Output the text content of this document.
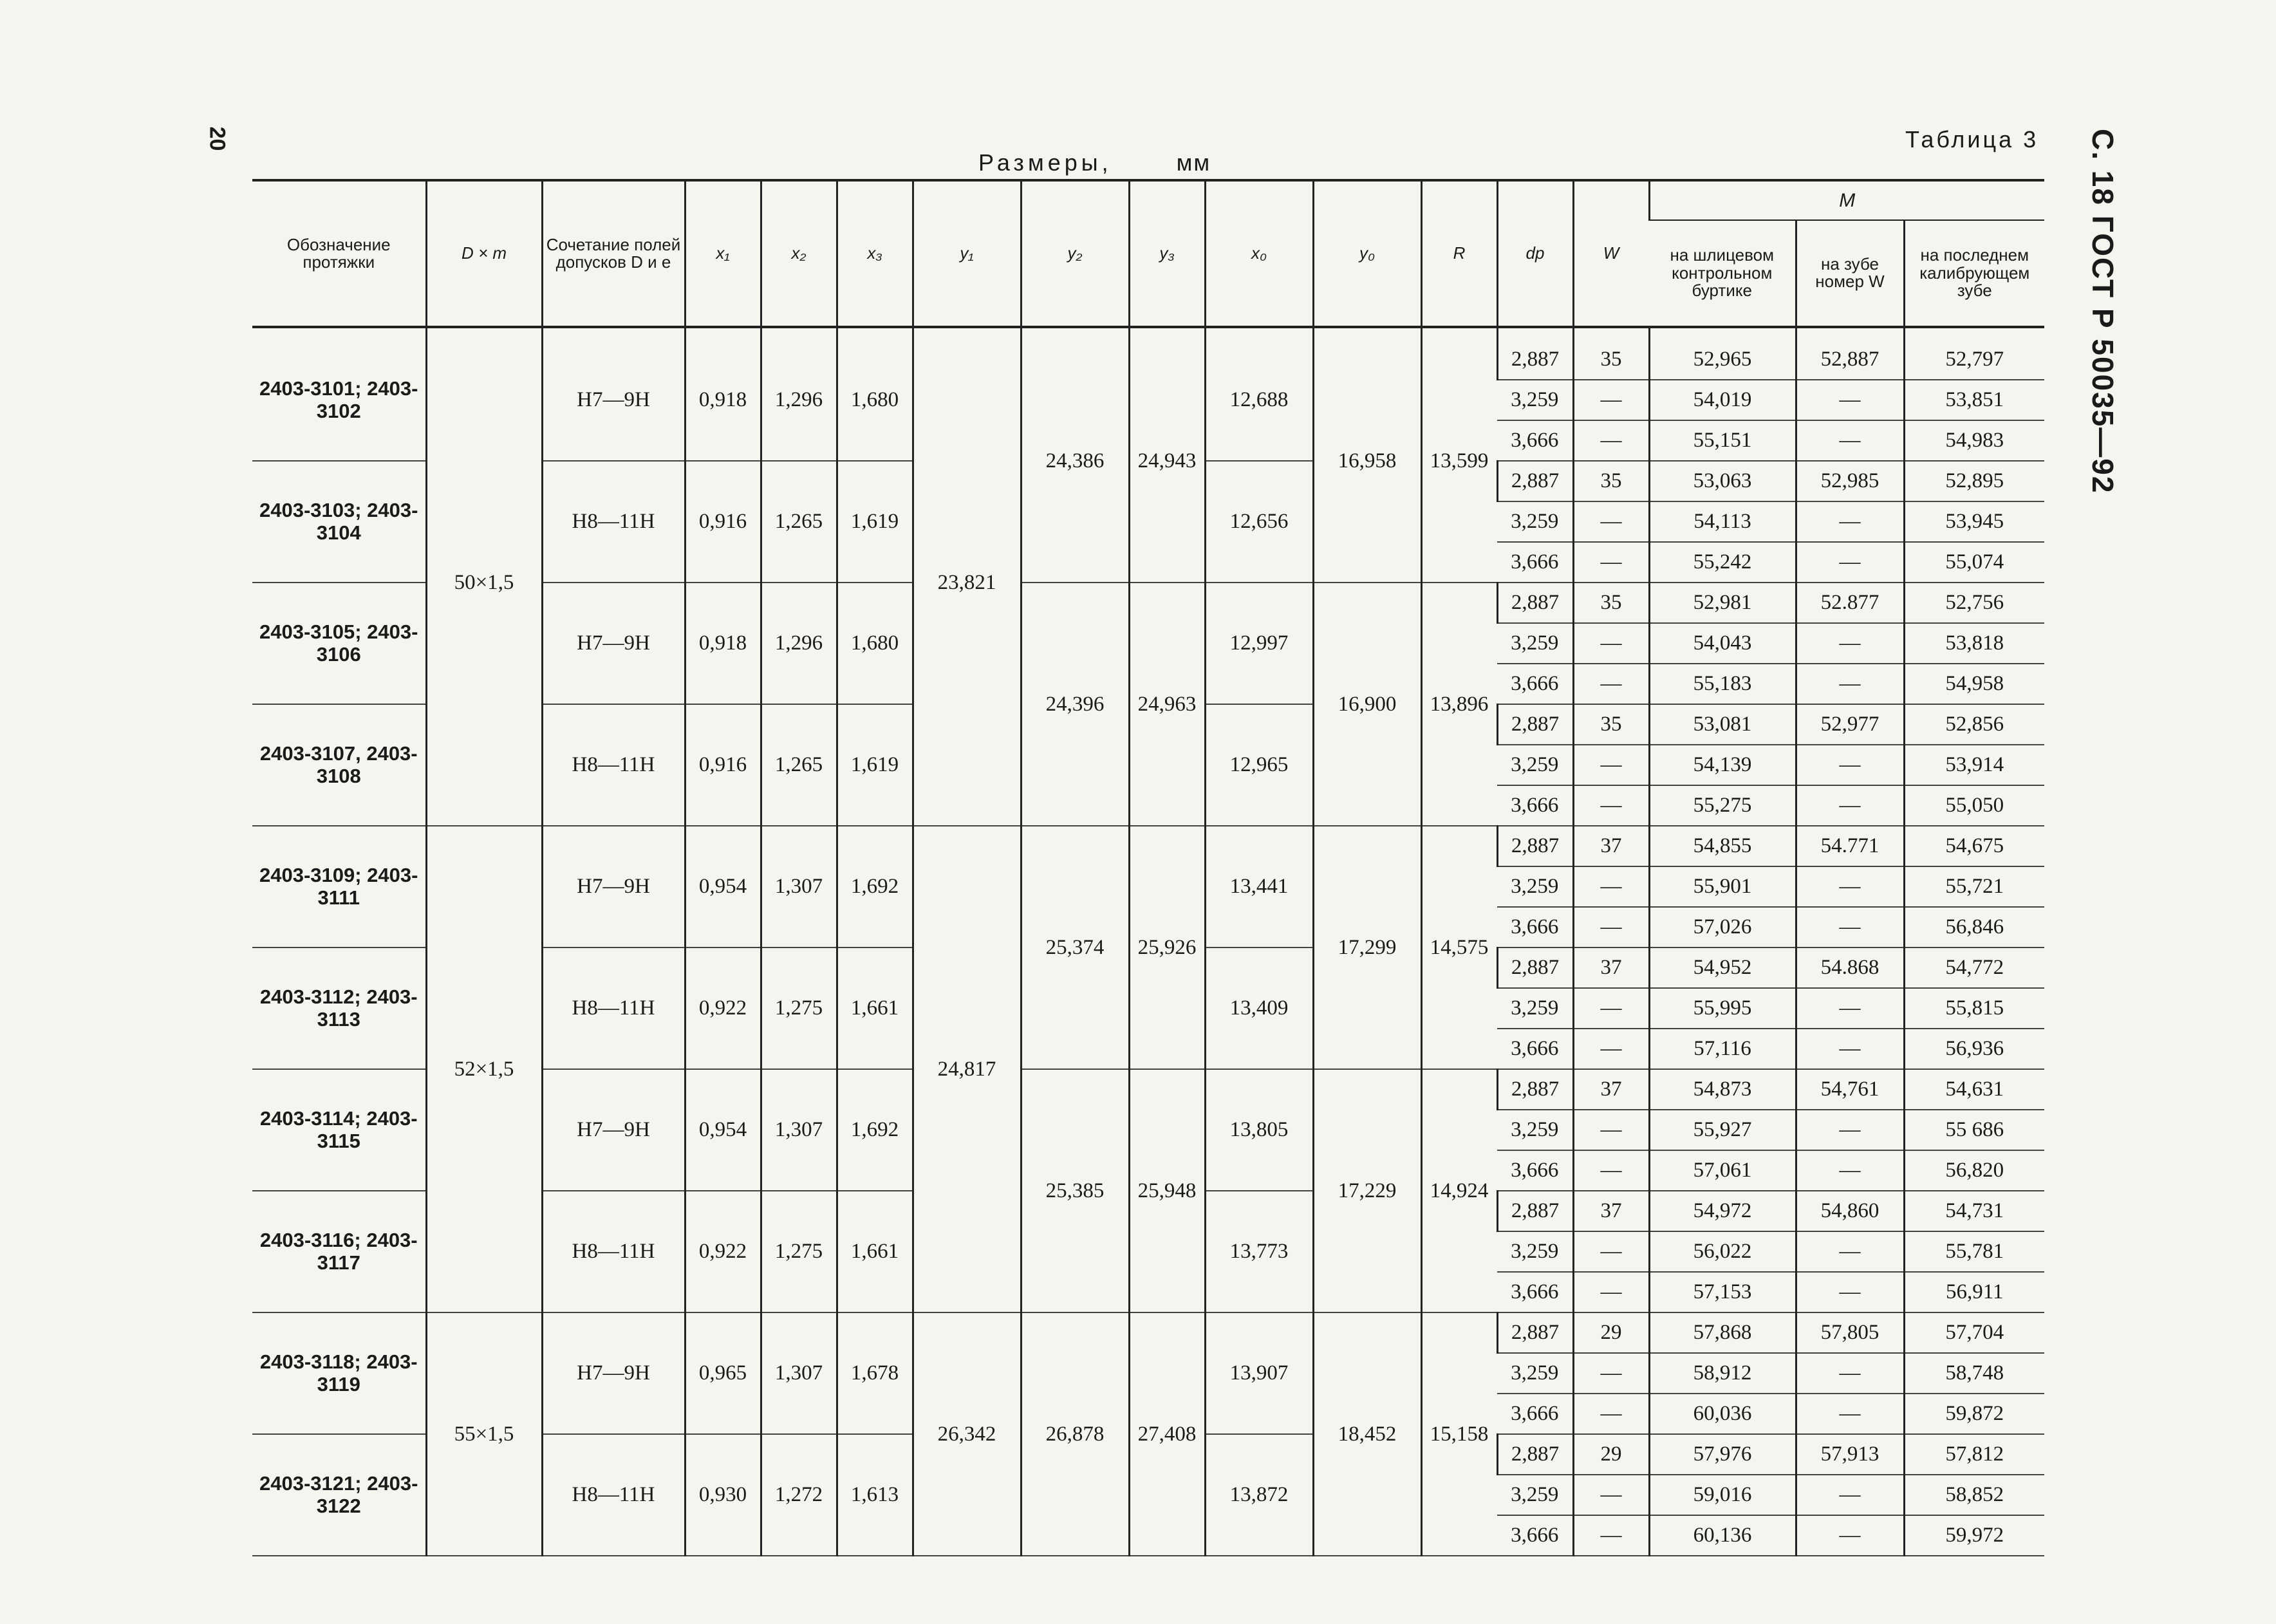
20	С. 18 ГОСТ Р 50035—92
Таблица 3
Размеры,	мм
Обозначение протяжки	D × m	Сочетание полей допусков D и e	x₁	x₂	x₃	y₁	y₂	y₃	x₀	y₀	R	dp	W	M		
														на шлицевом контрольном буртике	на зубе номер W	на последнем калибрующем зубе

2403-3101; 2403-3102	50×1,5	H7—9H	0,918	1,296	1,680	23,821	24,386	24,943	12,688	16,958	13,599	2,887	35	52,965	52,887	52,797
												3,259	—	54,019	—	53,851
												3,666	—	55,151	—	54,983
2403-3103; 2403-3104		H8—11H	0,916	1,265	1,619				12,656			2,887	35	53,063	52,985	52,895
												3,259	—	54,113	—	53,945
												3,666	—	55,242	—	55,074
2403-3105; 2403-3106		H7—9H	0,918	1,296	1,680		24,396	24,963	12,997	16,900	13,896	2,887	35	52,981	52.877	52,756
												3,259	—	54,043	—	53,818
												3,666	—	55,183	—	54,958
2403-3107, 2403-3108		H8—11H	0,916	1,265	1,619				12,965			2,887	35	53,081	52,977	52,856
												3,259	—	54,139	—	53,914
												3,666	—	55,275	—	55,050
2403-3109; 2403-3111	52×1,5	H7—9H	0,954	1,307	1,692	24,817	25,374	25,926	13,441	17,299	14,575	2,887	37	54,855	54.771	54,675
												3,259	—	55,901	—	55,721
												3,666	—	57,026	—	56,846
2403-3112; 2403-3113		H8—11H	0,922	1,275	1,661				13,409			2,887	37	54,952	54.868	54,772
												3,259	—	55,995	—	55,815
												3,666	—	57,116	—	56,936
2403-3114; 2403-3115		H7—9H	0,954	1,307	1,692		25,385	25,948	13,805	17,229	14,924	2,887	37	54,873	54,761	54,631
												3,259	—	55,927	—	55 686
												3,666	—	57,061	—	56,820
2403-3116; 2403-3117		H8—11H	0,922	1,275	1,661				13,773			2,887	37	54,972	54,860	54,731
												3,259	—	56,022	—	55,781
												3,666	—	57,153	—	56,911
2403-3118; 2403-3119	55×1,5	H7—9H	0,965	1,307	1,678	26,342	26,878	27,408	13,907	18,452	15,158	2,887	29	57,868	57,805	57,704
												3,259	—	58,912	—	58,748
												3,666	—	60,036	—	59,872
2403-3121; 2403-3122		H8—11H	0,930	1,272	1,613				13,872			2,887	29	57,976	57,913	57,812
												3,259	—	59,016	—	58,852
												3,666	—	60,136	—	59,972
